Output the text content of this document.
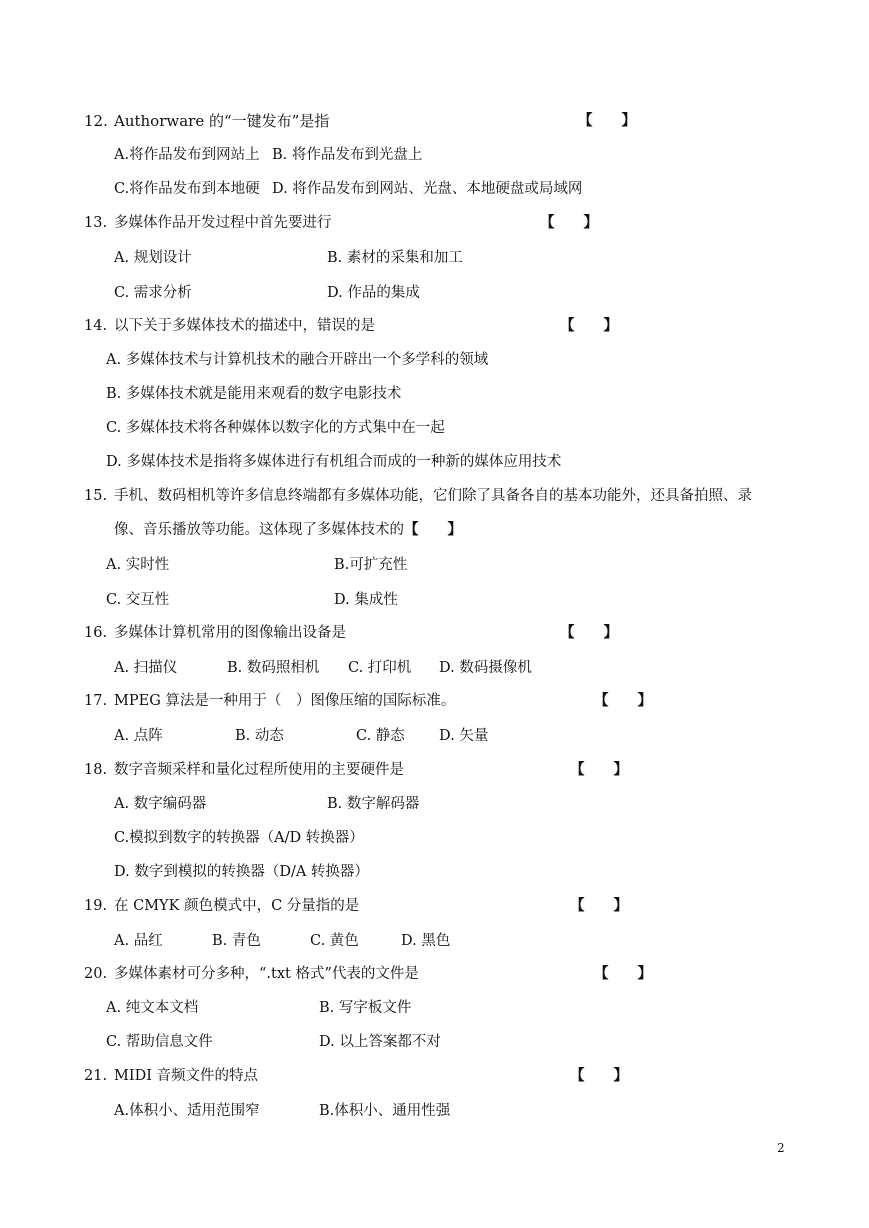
12. Authorware 的“一键发布”是指	【　　】
A.将作品发布到网站上 B. 将作品发布到光盘上
C.将作品发布到本地硬 D. 将作品发布到网站、光盘、本地硬盘或局域网
13. 多媒体作品开发过程中首先要进行	【　　】
A. 规划设计	B. 素材的采集和加工
C. 需求分析	D. 作品的集成
14. 以下关于多媒体技术的描述中，错误的是	【　　】
A. 多媒体技术与计算机技术的融合开辟出一个多学科的领域
B. 多媒体技术就是能用来观看的数字电影技术
C. 多媒体技术将各种媒体以数字化的方式集中在一起
D. 多媒体技术是指将多媒体进行有机组合而成的一种新的媒体应用技术
15. 手机、数码相机等许多信息终端都有多媒体功能，它们除了具备各自的基本功能外，还具备拍照、录
像、音乐播放等功能。这体现了多媒体技术的【　　】
A. 实时性	B.可扩充性
C. 交互性	D. 集成性
16. 多媒体计算机常用的图像输出设备是	【　　】
A. 扫描仪	B. 数码照相机 C. 打印机 D. 数码摄像机
17. MPEG 算法是一种用于（　）图像压缩的国际标准。	【　　】
A. 点阵	B. 动态	C. 静态 D. 矢量
18. 数字音频采样和量化过程所使用的主要硬件是	【　　】
A. 数字编码器	B. 数字解码器
C.模拟到数字的转换器（A/D 转换器）
D. 数字到模拟的转换器（D/A 转换器）
19. 在 CMYK 颜色模式中，C 分量指的是	【　　】
A. 品红	B. 青色	C. 黄色	D. 黑色
20. 多媒体素材可分多种，“.txt 格式”代表的文件是	【　　】
A. 纯文本文档	B. 写字板文件
C. 帮助信息文件	D. 以上答案都不对
21. MIDI 音频文件的特点	【　　】
A.体积小、适用范围窄	B.体积小、通用性强
2
